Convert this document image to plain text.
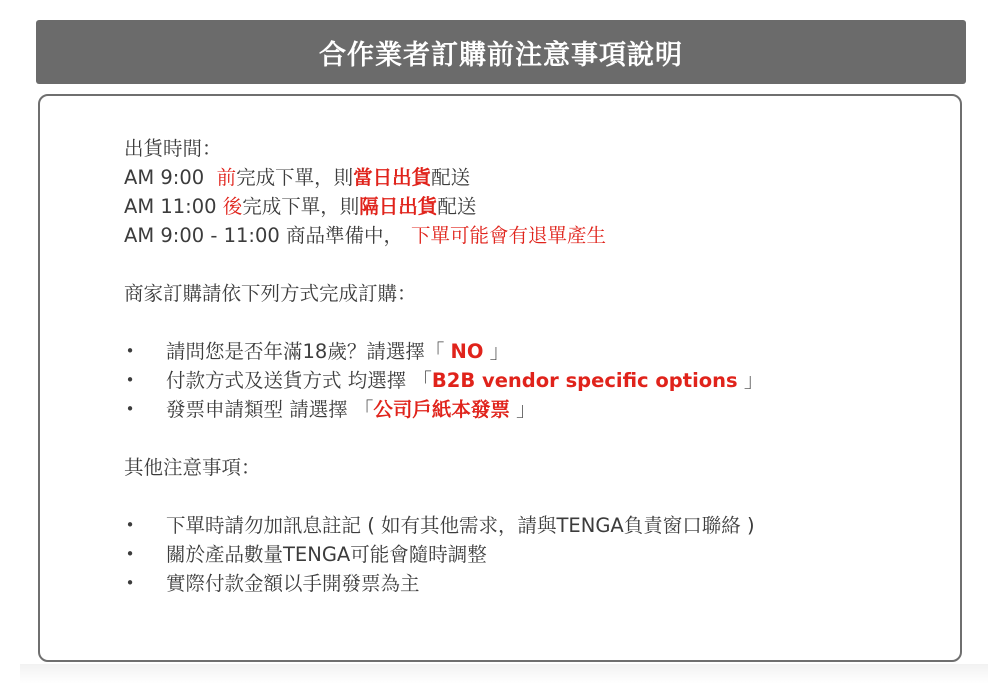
合作業者訂購前注意事項說明
出貨時間：
AM 9:00  前完成下單，則當日出貨配送
AM 11:00 後完成下單，則隔日出貨配送
AM 9:00 - 11:00 商品準備中， 下單可能會有退單產生
商家訂購請依下列方式完成訂購：
• 請問您是否年滿18歲？請選擇「 NO 」
• 付款方式及送貨方式 均選擇 「B2B vendor specific options 」
• 發票申請類型 請選擇 「公司戶紙本發票 」
其他注意事項：
• 下單時請勿加訊息註記 ( 如有其他需求，請與TENGA負責窗口聯絡 )
• 關於產品數量TENGA可能會隨時調整
• 實際付款金額以手開發票為主
